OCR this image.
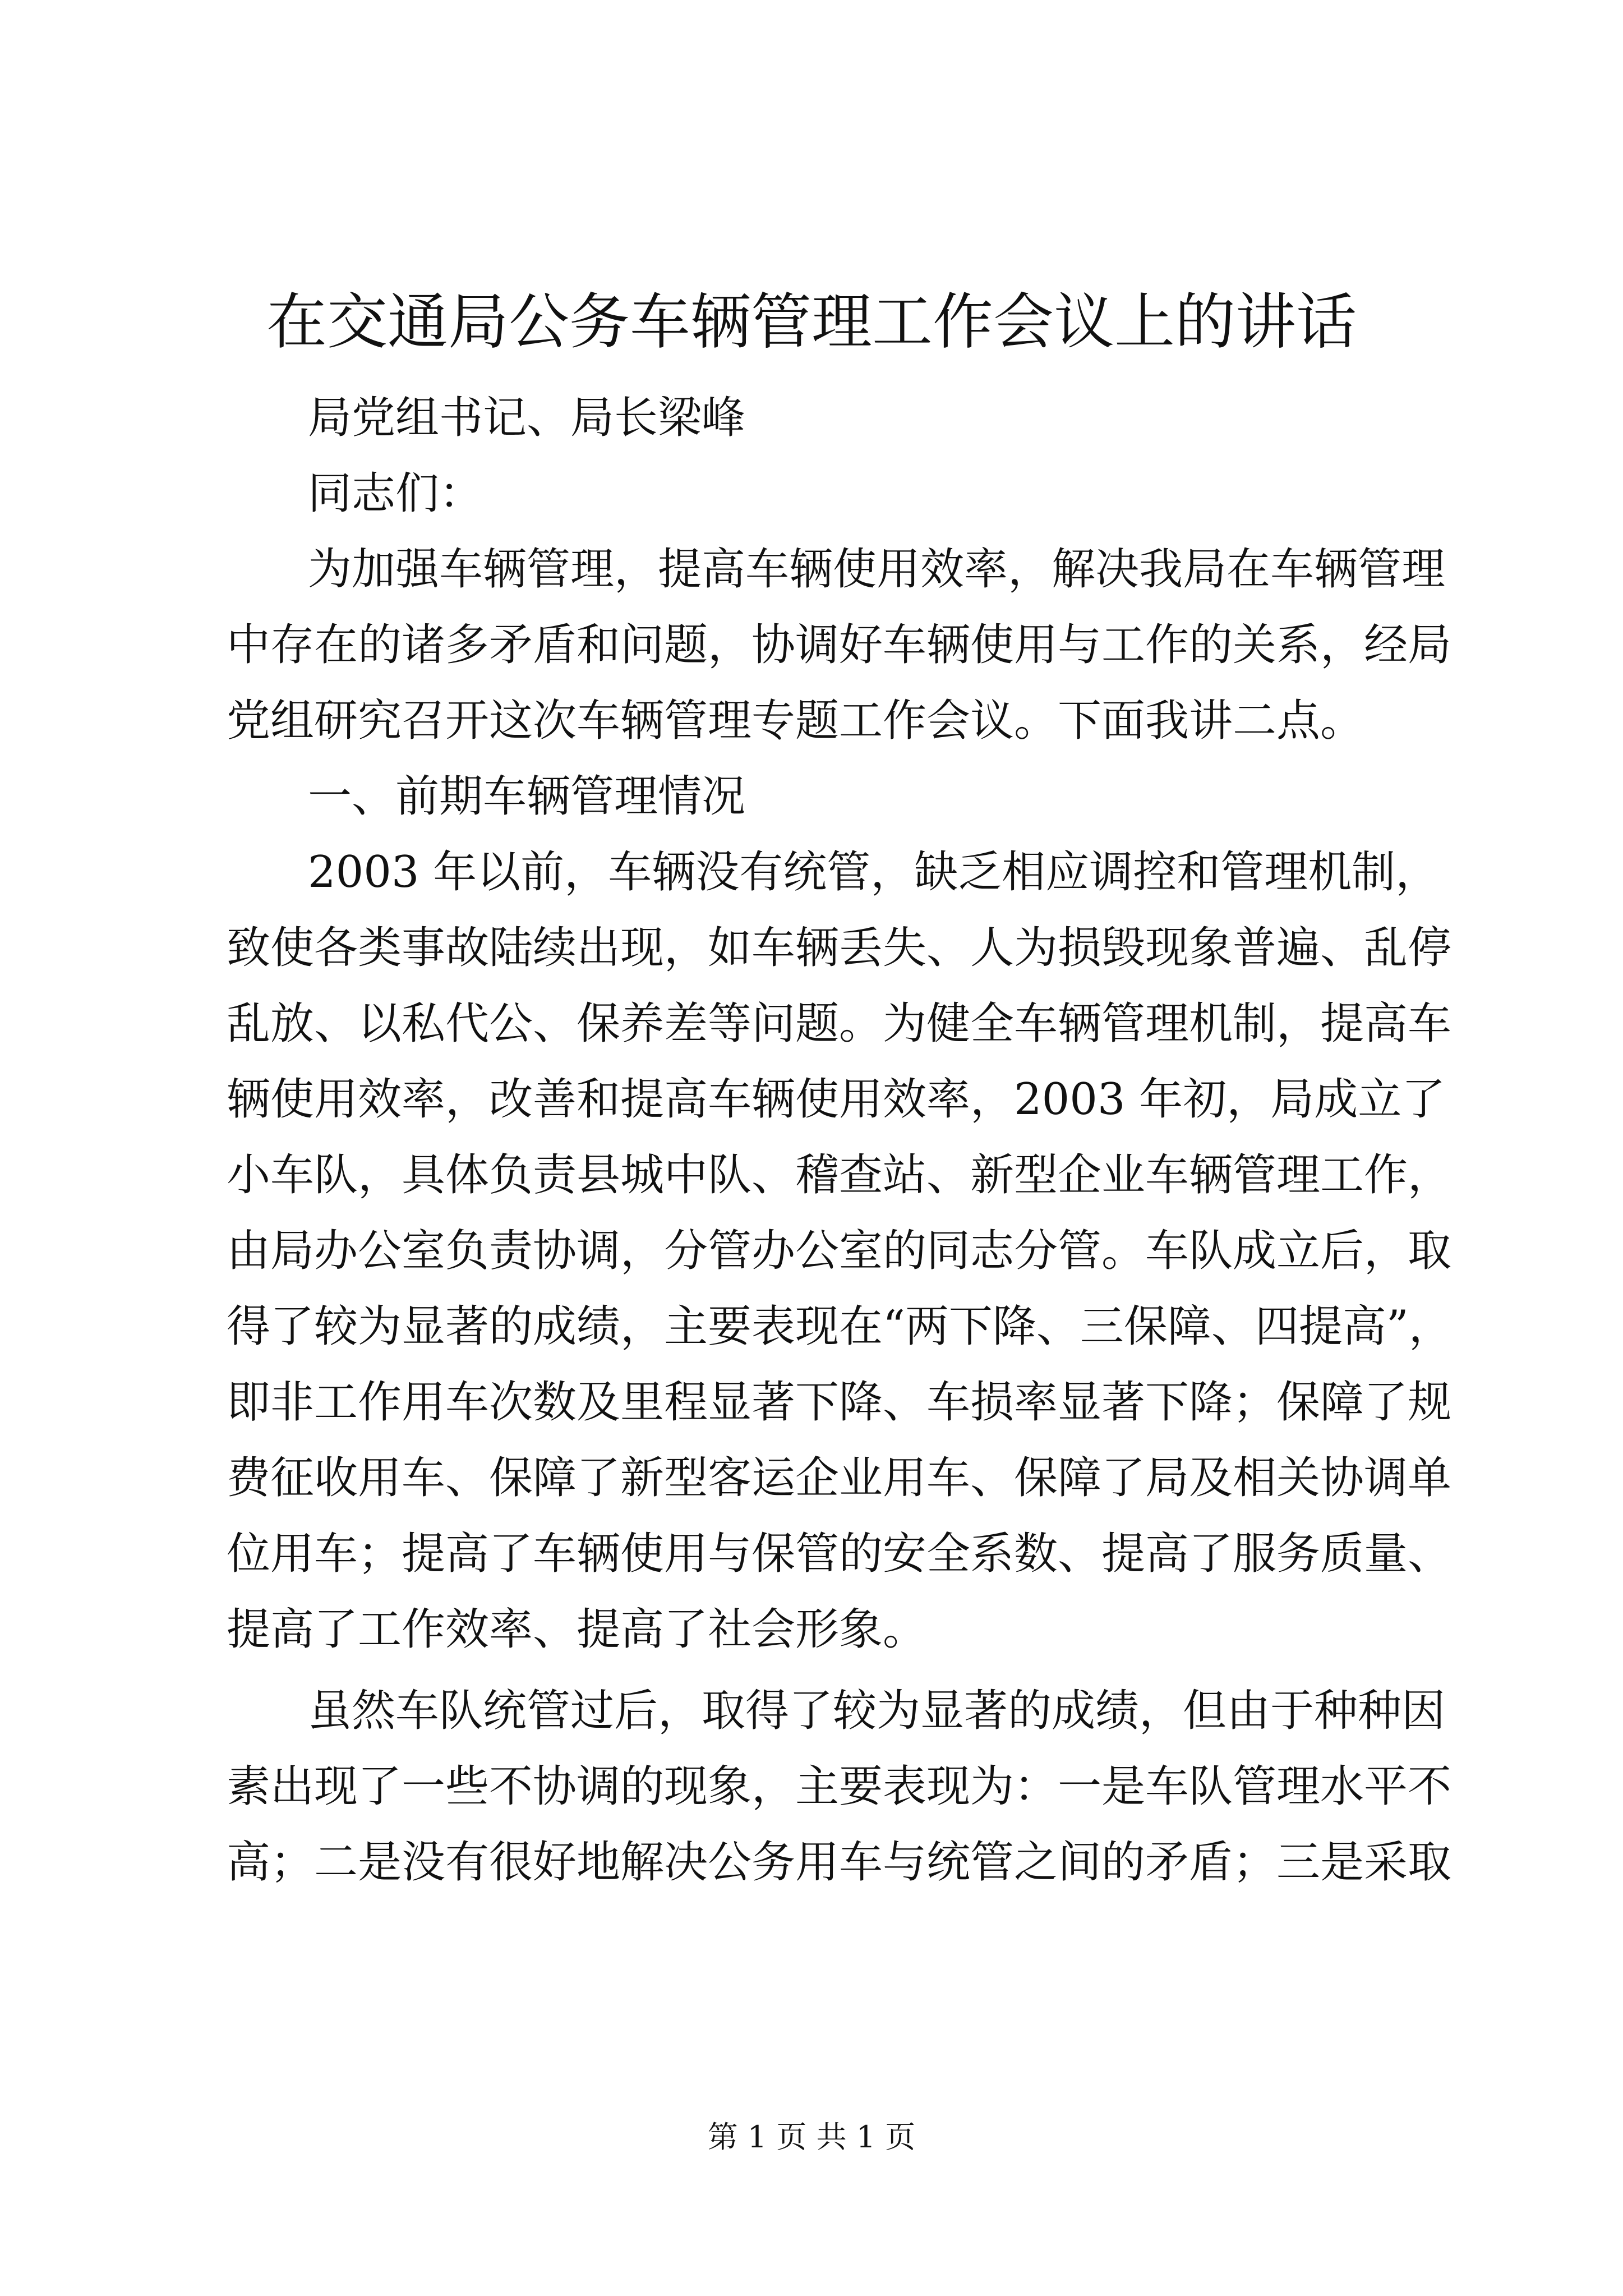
在交通局公务车辆管理工作会议上的讲话
局党组书记、局长梁峰
同志们：
为加强车辆管理，提高车辆使用效率，解决我局在车辆管理
中存在的诸多矛盾和问题，协调好车辆使用与工作的关系，经局
党组研究召开这次车辆管理专题工作会议。下面我讲二点。
一、前期车辆管理情况
2003 年以前，车辆没有统管，缺乏相应调控和管理机制，
致使各类事故陆续出现，如车辆丢失、人为损毁现象普遍、乱停
乱放、以私代公、保养差等问题。为健全车辆管理机制，提高车
辆使用效率，改善和提高车辆使用效率，2003 年初，局成立了
小车队，具体负责县城中队、稽查站、新型企业车辆管理工作，
由局办公室负责协调，分管办公室的同志分管。车队成立后，取
得了较为显著的成绩，主要表现在“两下降、三保障、四提高”，
即非工作用车次数及里程显著下降、车损率显著下降；保障了规
费征收用车、保障了新型客运企业用车、保障了局及相关协调单
位用车；提高了车辆使用与保管的安全系数、提高了服务质量、
提高了工作效率、提高了社会形象。
虽然车队统管过后，取得了较为显著的成绩，但由于种种因
素出现了一些不协调的现象，主要表现为：一是车队管理水平不
高；二是没有很好地解决公务用车与统管之间的矛盾；三是采取
第 1 页 共 1 页
